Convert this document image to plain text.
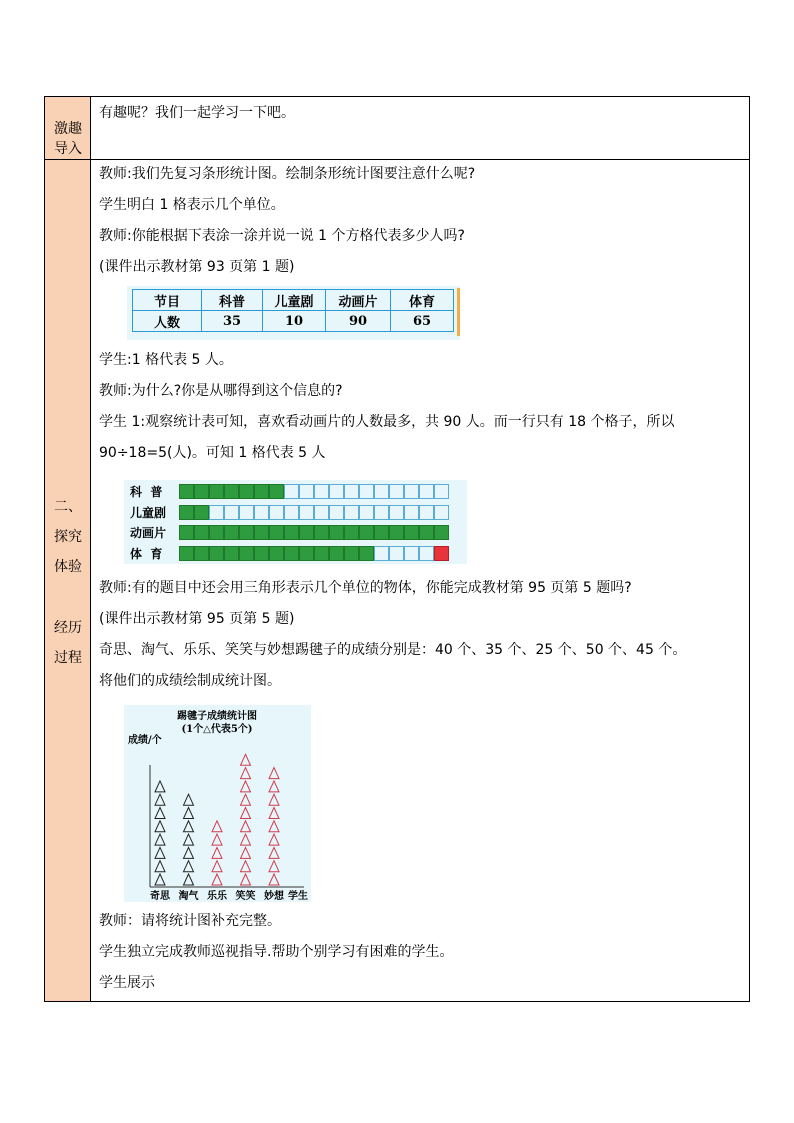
激趣
导入
有趣呢？我们一起学习一下吧。
二、
探究
体验
经历
过程
教师:我们先复习条形统计图。绘制条形统计图要注意什么呢?
学生明白 1 格表示几个单位。
教师:你能根据下表涂一涂并说一说 1 个方格代表多少人吗?
(课件出示教材第 93 页第 1 题)
节目	科普	儿童剧	动画片	体育
人数	35	10	90	65
学生:1 格代表 5 人。
教师:为什么?你是从哪得到这个信息的?
学生 1:观察统计表可知，喜欢看动画片的人数最多，共 90 人。而一行只有 18 个格子，所以
90÷18=5(人)。可知 1 格代表 5 人
科  普
儿童剧
动画片
体  育
教师:有的题目中还会用三角形表示几个单位的物体，你能完成教材第 95 页第 5 题吗?
(课件出示教材第 95 页第 5 题)
奇思、淘气、乐乐、笑笑与妙想踢毽子的成绩分别是：40 个、35 个、25 个、50 个、45 个。
将他们的成绩绘制成统计图。
踢毽子成绩统计图
(1个△代表5个)
成绩/个
奇思 淘气 乐乐 笑笑 妙想 学生
教师：请将统计图补充完整。
学生独立完成教师巡视指导.帮助个别学习有困难的学生。
学生展示
